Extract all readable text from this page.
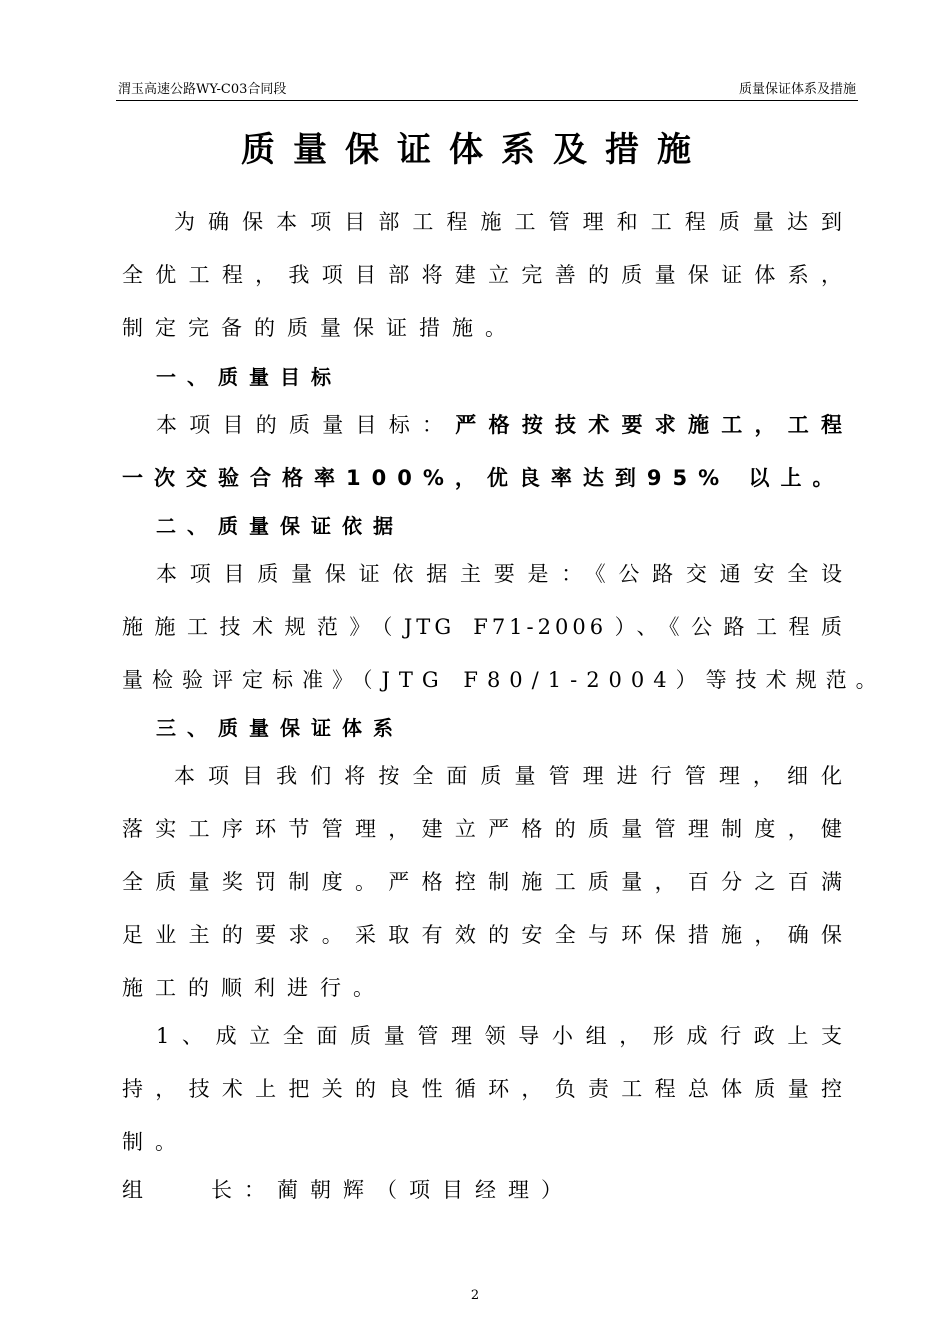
渭玉高速公路WY-C03合同段	质量保证体系及措施
质量保证体系及措施
为确保本项目部工程施工管理和工程质量达到
全优工程，我项目部将建立完善的质量保证体系，
制定完备的质量保证措施。
一、质量目标
本项目的质量目标：严格按技术要求施工，工程
一次交验合格率100%，优良率达到95% 以上。
二、质量保证依据
本项目质量保证依据主要是：《公路交通安全设
施施工技术规范》（JTG F71-2006）、《公路工程质
量检验评定标准》（JTG F80/1-2004）等技术规范。
三、质量保证体系
本项目我们将按全面质量管理进行管理，细化
落实工序环节管理，建立严格的质量管理制度，健
全质量奖罚制度。严格控制施工质量，百分之百满
足业主的要求。采取有效的安全与环保措施，确保
施工的顺利进行。
1、成立全面质量管理领导小组，形成行政上支
持，技术上把关的良性循环，负责工程总体质量控
制。
组   长：蔺朝辉（项目经理）
2
